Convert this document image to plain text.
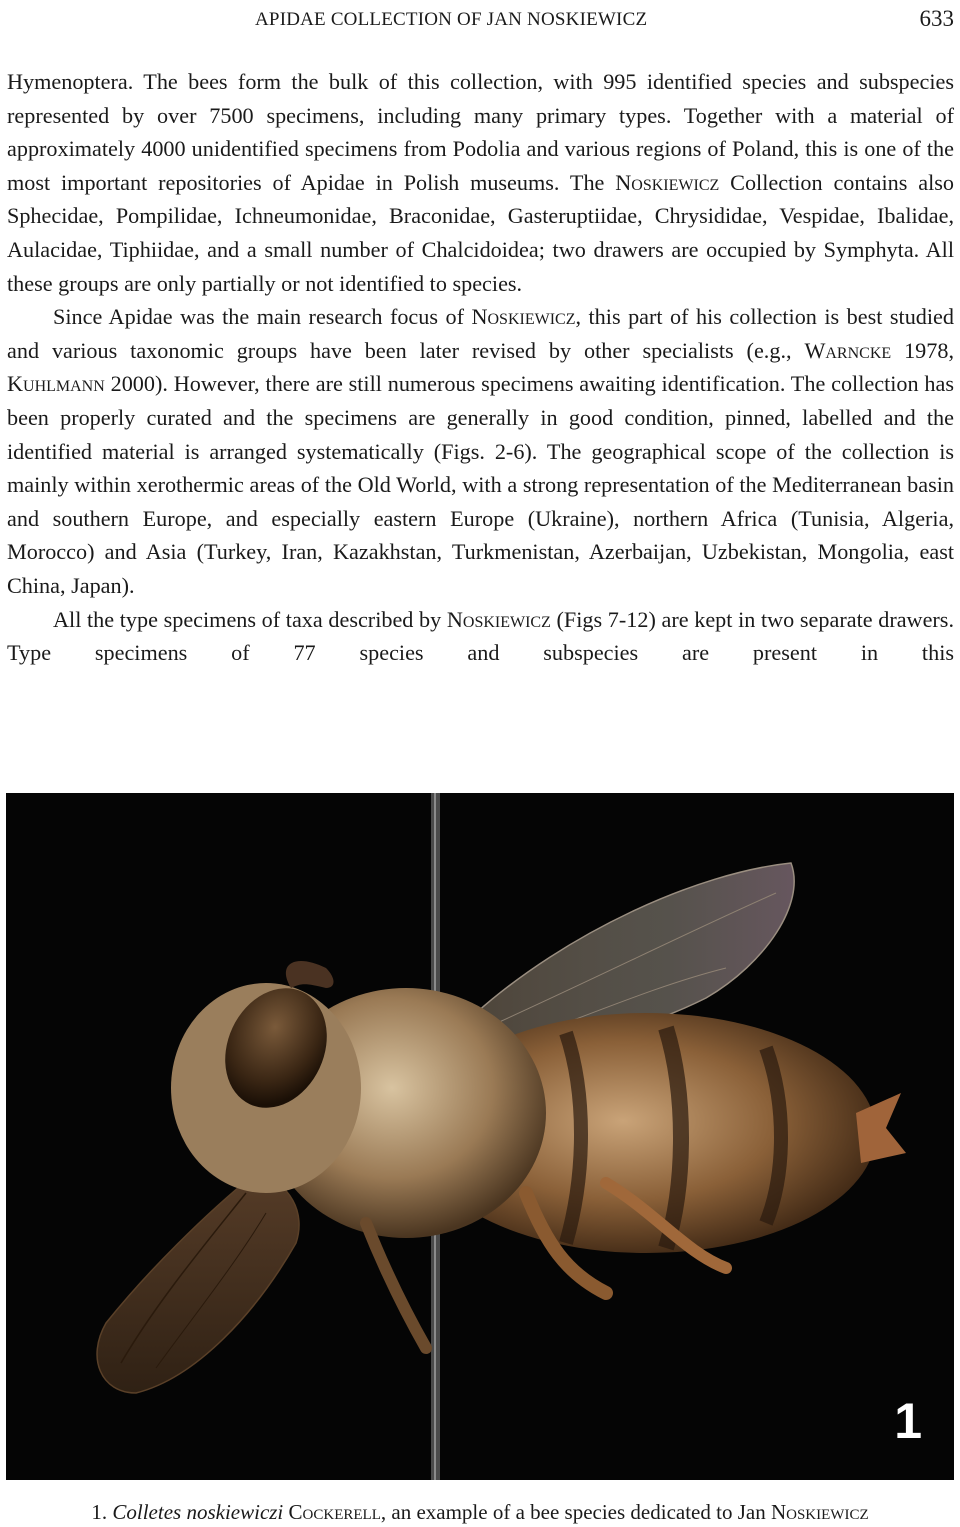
APIDAE COLLECTION OF JAN NOSKIEWICZ	633

Hymenoptera. The bees form the bulk of this collection, with 995 identified species and subspecies represented by over 7500 specimens, including many primary types. Together with a material of approximately 4000 unidentified specimens from Podolia and various regions of Poland, this is one of the most important repositories of Apidae in Polish museums. The Noskiewicz Collection contains also Sphecidae, Pompilidae, Ichneumonidae, Braconidae, Gasteruptiidae, Chrysididae, Vespidae, Ibalidae, Aulacidae, Tiphiidae, and a small number of Chalcidoidea; two drawers are occupied by Symphyta. All these groups are only partially or not identified to species.

Since Apidae was the main research focus of Noskiewicz, this part of his collection is best studied and various taxonomic groups have been later revised by other specialists (e.g., Warncke 1978, Kuhlmann 2000). However, there are still numerous specimens awaiting identification. The collection has been properly curated and the specimens are generally in good condition, pinned, labelled and the identified material is arranged systematically (Figs. 2-6). The geographical scope of the collection is mainly within xerothermic areas of the Old World, with a strong representation of the Mediterranean basin and southern Europe, and especially eastern Europe (Ukraine), northern Africa (Tunisia, Algeria, Morocco) and Asia (Turkey, Iran, Kazakhstan, Turkmenistan, Azerbaijan, Uzbekistan, Mongolia, east China, Japan).

All the type specimens of taxa described by Noskiewicz (Figs 7-12) are kept in two separate drawers. Type specimens of 77 species and subspecies are present in this

1
1. Colletes noskiewiczi Cockerell, an example of a bee species dedicated to Jan Noskiewicz
